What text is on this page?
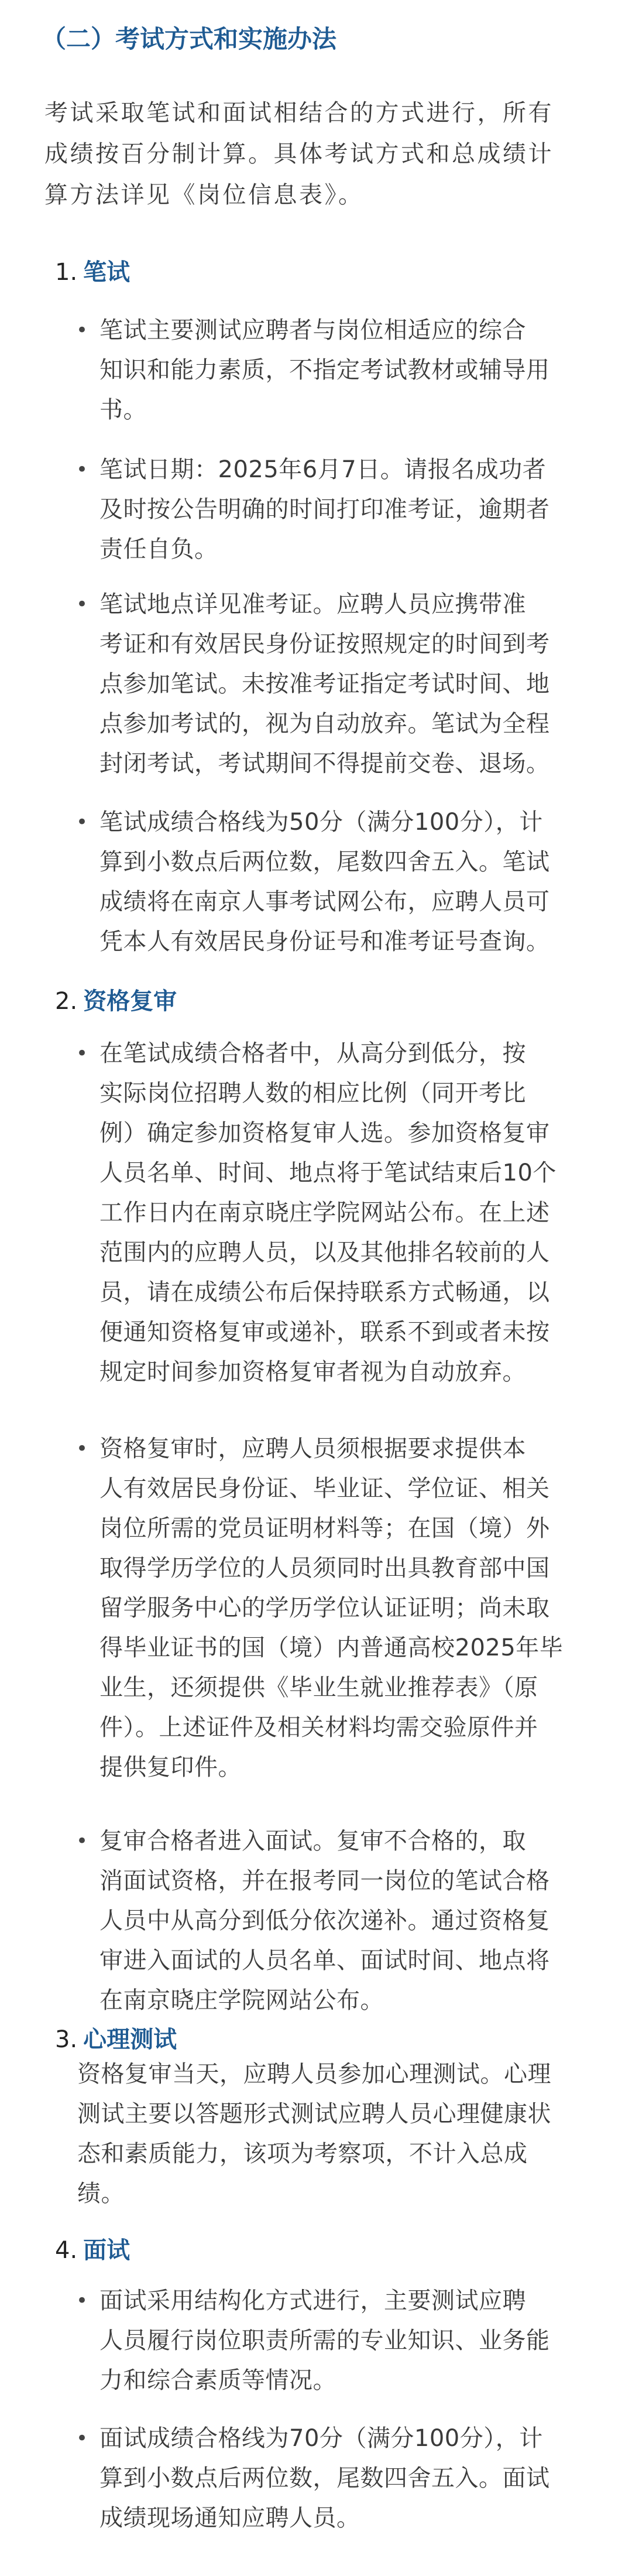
（二）考试方式和实施办法

考试采取笔试和面试相结合的方式进行，所有

成绩按百分制计算。具体考试方式和总成绩计

算方法详见《岗位信息表》。

1. 笔试
• 笔试主要测试应聘者与岗位相适应的综合

知识和能力素质，不指定考试教材或辅导用

书。

• 笔试日期：2025年6月7日。请报名成功者

及时按公告明确的时间打印准考证，逾期者

责任自负。

• 笔试地点详见准考证。应聘人员应携带准

考证和有效居民身份证按照规定的时间到考

点参加笔试。未按准考证指定考试时间、地

点参加考试的，视为自动放弃。笔试为全程

封闭考试，考试期间不得提前交卷、退场。

• 笔试成绩合格线为50分（满分100分），计

算到小数点后两位数，尾数四舍五入。笔试

成绩将在南京人事考试网公布，应聘人员可

凭本人有效居民身份证号和准考证号查询。

2. 资格复审
• 在笔试成绩合格者中，从高分到低分，按

实际岗位招聘人数的相应比例（同开考比

例）确定参加资格复审人选。参加资格复审

人员名单、时间、地点将于笔试结束后10个

工作日内在南京晓庄学院网站公布。在上述

范围内的应聘人员，以及其他排名较前的人

员，请在成绩公布后保持联系方式畅通，以

便通知资格复审或递补，联系不到或者未按

规定时间参加资格复审者视为自动放弃。

• 资格复审时，应聘人员须根据要求提供本

人有效居民身份证、毕业证、学位证、相关

岗位所需的党员证明材料等；在国（境）外

取得学历学位的人员须同时出具教育部中国

留学服务中心的学历学位认证证明；尚未取

得毕业证书的国（境）内普通高校2025年毕

业生，还须提供《毕业生就业推荐表》（原

件）。上述证件及相关材料均需交验原件并

提供复印件。

• 复审合格者进入面试。复审不合格的，取

消面试资格，并在报考同一岗位的笔试合格

人员中从高分到低分依次递补。通过资格复

审进入面试的人员名单、面试时间、地点将

在南京晓庄学院网站公布。

3. 心理测试

资格复审当天，应聘人员参加心理测试。心理

测试主要以答题形式测试应聘人员心理健康状

态和素质能力，该项为考察项，不计入总成

绩。

4. 面试
• 面试采用结构化方式进行，主要测试应聘

人员履行岗位职责所需的专业知识、业务能

力和综合素质等情况。

• 面试成绩合格线为70分（满分100分），计

算到小数点后两位数，尾数四舍五入。面试

成绩现场通知应聘人员。
